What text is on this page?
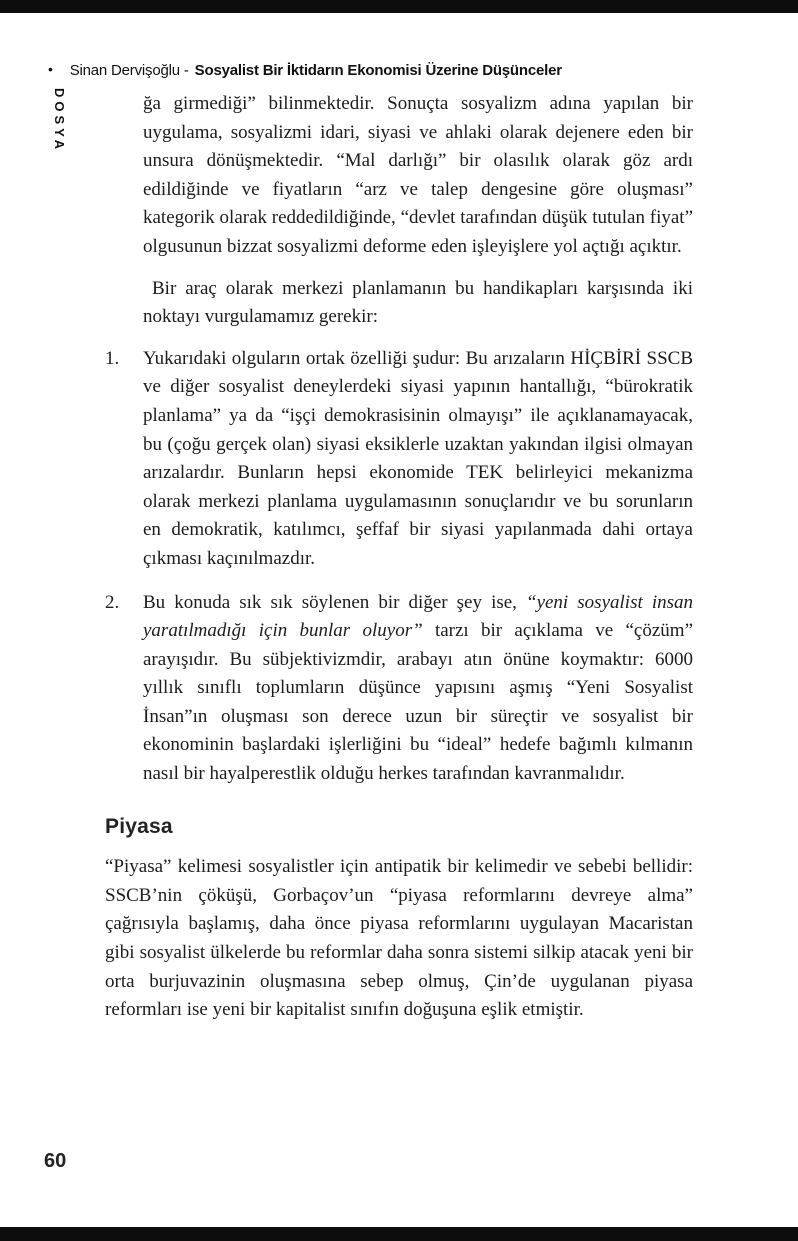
• Sinan Dervişoğlu - Sosyalist Bir İktidarın Ekonomisi Üzerine Düşünceler
DOSYA	ğa girmediği” bilinmektedir. Sonuçta sosyalizm adına yapılan bir uygulama, sosyalizmi idari, siyasi ve ahlaki olarak dejenere eden bir unsura dönüşmektedir. “Mal darlığı” bir olasılık olarak göz ardı edildiğinde ve fiyatların “arz ve talep dengesine göre oluşması” kategorik olarak reddedildiğinde, “devlet tarafından düşük tutulan fiyat” olgusunun bizzat sosyalizmi deforme eden işleyişlere yol açtığı açıktır.

Bir araç olarak merkezi planlamanın bu handikapları karşısında iki noktayı vurgulamamız gerekir:

1. Yukarıdaki olguların ortak özelliği şudur: Bu arızaların HİÇBİRİ SSCB ve diğer sosyalist deneylerdeki siyasi yapının hantallığı, “bürokratik planlama” ya da “işçi demokrasisinin olmayışı” ile açıklanamayacak, bu (çoğu gerçek olan) siyasi eksiklerle uzaktan yakından ilgisi olmayan arızalardır. Bunların hepsi ekonomide TEK belirleyici mekanizma olarak merkezi planlama uygulamasının sonuçlarıdır ve bu sorunların en demokratik, katılımcı, şeffaf bir siyasi yapılanmada dahi ortaya çıkması kaçınılmazdır.

2. Bu konuda sık sık söylenen bir diğer şey ise, “yeni sosyalist insan yaratılmadığı için bunlar oluyor” tarzı bir açıklama ve “çözüm” arayışıdır. Bu sübjektivizmdir, arabayı atın önüne koymaktır: 6000 yıllık sınıflı toplumların düşünce yapısını aşmış “Yeni Sosyalist İnsan”ın oluşması son derece uzun bir süreçtir ve sosyalist bir ekonominin başlardaki işlerliğini bu “ideal” hedefe bağımlı kılmanın nasıl bir hayalperestlik olduğu herkes tarafından kavranmalıdır.

Piyasa

“Piyasa” kelimesi sosyalistler için antipatik bir kelimedir ve sebebi bellidir: SSCB’nin çöküşü, Gorbaçov’un “piyasa reformlarını devreye alma” çağrısıyla başlamış, daha önce piyasa reformlarını uygulayan Macaristan gibi sosyalist ülkelerde bu reformlar daha sonra sistemi silkip atacak yeni bir orta burjuvazinin oluşmasına sebep olmuş, Çin’de uygulanan piyasa reformları ise yeni bir kapitalist sınıfın doğuşuna eşlik etmiştir.

60
